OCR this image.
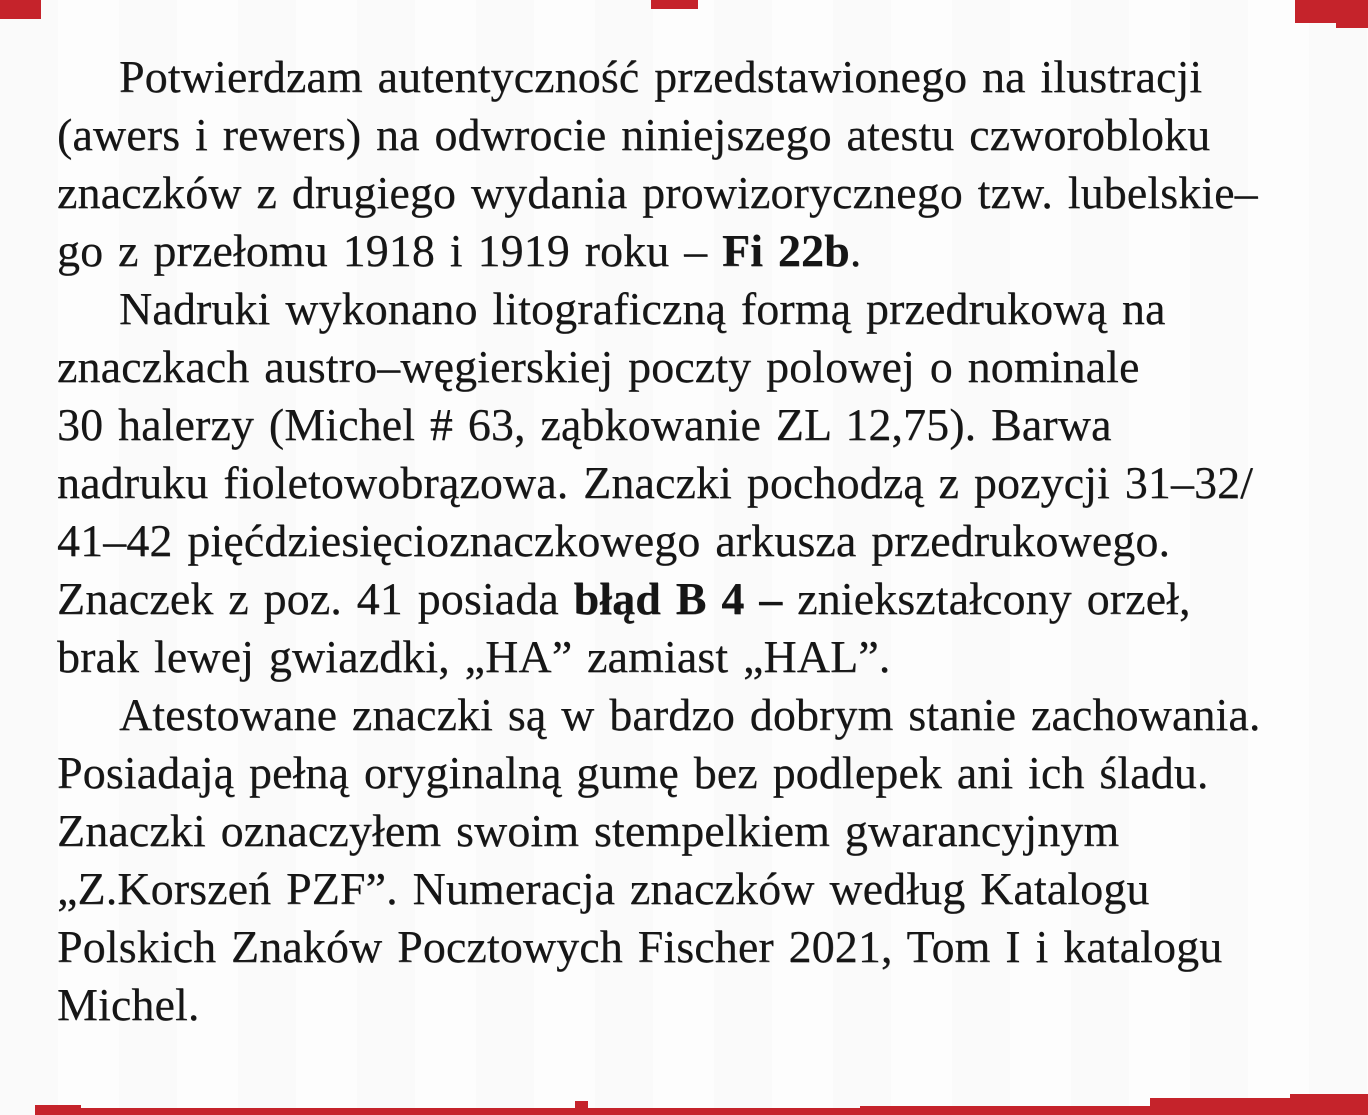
Potwierdzam autentyczność przedstawionego na ilustracji
(awers i rewers) na odwrocie niniejszego atestu czworobloku
znaczków z drugiego wydania prowizorycznego tzw. lubelskie–
go z przełomu 1918 i 1919 roku – Fi 22b.
Nadruki wykonano litograficzną formą przedrukową na
znaczkach austro–węgierskiej poczty polowej o nominale
30 halerzy (Michel # 63, ząbkowanie ZL 12,75). Barwa
nadruku fioletowobrązowa. Znaczki pochodzą z pozycji 31–32/
41–42 pięćdziesięcioznaczkowego arkusza przedrukowego.
Znaczek z poz. 41 posiada błąd B 4 – zniekształcony orzeł,
brak lewej gwiazdki, „HA” zamiast „HAL”.
Atestowane znaczki są w bardzo dobrym stanie zachowania.
Posiadają pełną oryginalną gumę bez podlepek ani ich śladu.
Znaczki oznaczyłem swoim stempelkiem gwarancyjnym
„Z.Korszeń PZF”. Numeracja znaczków według Katalogu
Polskich Znaków Pocztowych Fischer 2021, Tom I i katalogu
Michel.
